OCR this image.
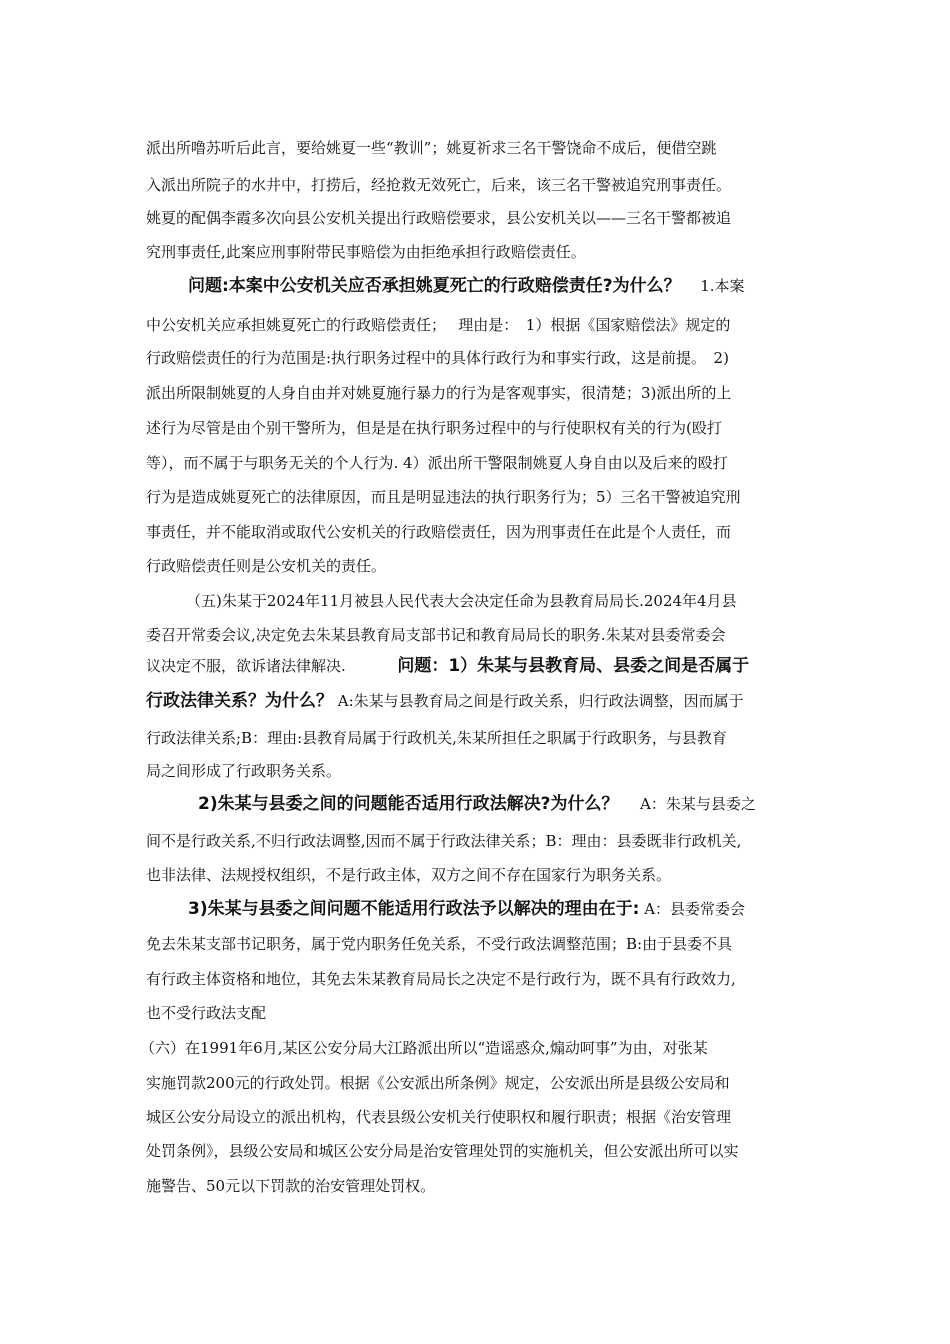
派出所噜苏听后此言，要给姚夏一些“教训”；姚夏祈求三名干警饶命不成后，便借空跳
入派出所院子的水井中，打捞后，经抢救无效死亡，后来，该三名干警被追究刑事责任。
姚夏的配偶李霞多次向县公安机关提出行政赔偿要求，县公安机关以——三名干警都被追
究刑事责任,此案应刑事附带民事赔偿为由拒绝承担行政赔偿责任。
问题:本案中公安机关应否承担姚夏死亡的行政赔偿责任?为什么？ 1.本案
中公安机关应承担姚夏死亡的行政赔偿责任；　 理由是：　1）根据《国家赔偿法》规定的
行政赔偿责任的行为范围是:执行职务过程中的具体行政行为和事实行政，这是前提。　2)
派出所限制姚夏的人身自由并对姚夏施行暴力的行为是客观事实，很清楚；3)派出所的上
述行为尽管是由个别干警所为，但是是在执行职务过程中的与行使职权有关的行为(殴打
等），而不属于与职务无关的个人行为. 4）派出所干警限制姚夏人身自由以及后来的殴打
行为是造成姚夏死亡的法律原因，而且是明显违法的执行职务行为；5）三名干警被追究刑
事责任，并不能取消或取代公安机关的行政赔偿责任，因为刑事责任在此是个人责任，而
行政赔偿责任则是公安机关的责任。
（五)朱某于2024年11月被县人民代表大会决定任命为县教育局局长.2024年4月县
委召开常委会议,决定免去朱某县教育局支部书记和教育局局长的职务.朱某对县委常委会
议决定不服，欲诉诸法律解决.	问题：1）朱某与县教育局、县委之间是否属于
行政法律关系？为什么？ A:朱某与县教育局之间是行政关系，归行政法调整，因而属于
行政法律关系;B：理由:县教育局属于行政机关,朱某所担任之职属于行政职务，与县教育
局之间形成了行政职务关系。
2)朱某与县委之间的问题能否适用行政法解决?为什么？ A：朱某与县委之
间不是行政关系,不归行政法调整,因而不属于行政法律关系；B：理由：县委既非行政机关,
也非法律、法规授权组织，不是行政主体，双方之间不存在国家行为职务关系。
3)朱某与县委之间问题不能适用行政法予以解决的理由在于: A：县委常委会
免去朱某支部书记职务，属于党内职务任免关系，不受行政法调整范围；B:由于县委不具
有行政主体资格和地位，其免去朱某教育局局长之决定不是行政行为，既不具有行政效力,
也不受行政法支配
（六）在1991年6月,某区公安分局大江路派出所以“造谣惑众,煽动呵事”为由，对张某
实施罚款200元的行政处罚。根据《公安派出所条例》规定，公安派出所是县级公安局和
城区公安分局设立的派出机构，代表县级公安机关行使职权和履行职责；根据《治安管理
处罚条例》，县级公安局和城区公安分局是治安管理处罚的实施机关，但公安派出所可以实
施警告、50元以下罚款的治安管理处罚权。
